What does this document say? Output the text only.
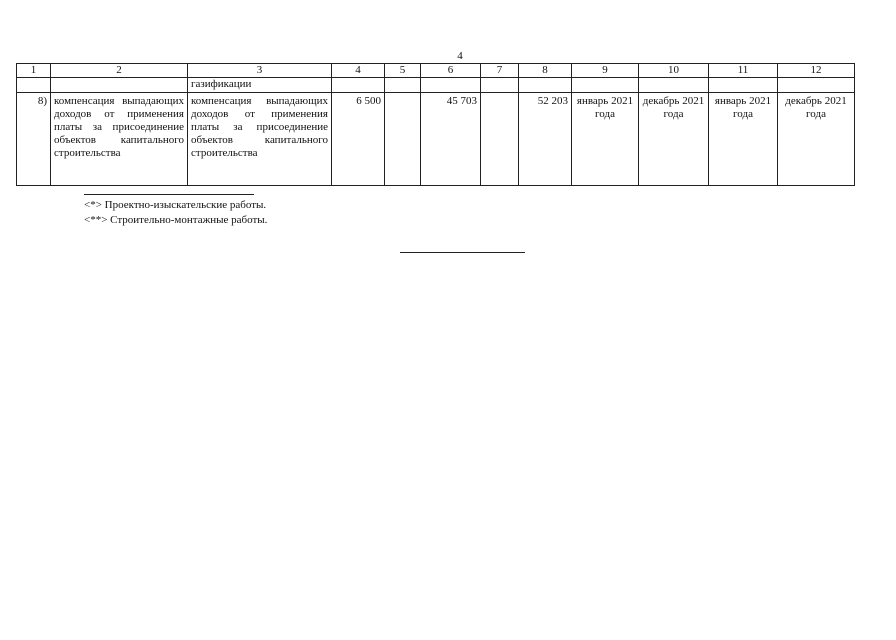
4
1	2	3	4	5	6	7	8	9	10	11	12
		газификации									
8)	компенсация выпадающих доходов от применения платы за присоединение объектов капитального строительства	компенсация выпадающих доходов от применения платы за присоединение объектов капитального строительства	6 500		45 703		52 203	январь 2021 года	декабрь 2021 года	январь 2021 года	декабрь 2021 года
<*> Проектно-изыскательские работы.
<**> Строительно-монтажные работы.
